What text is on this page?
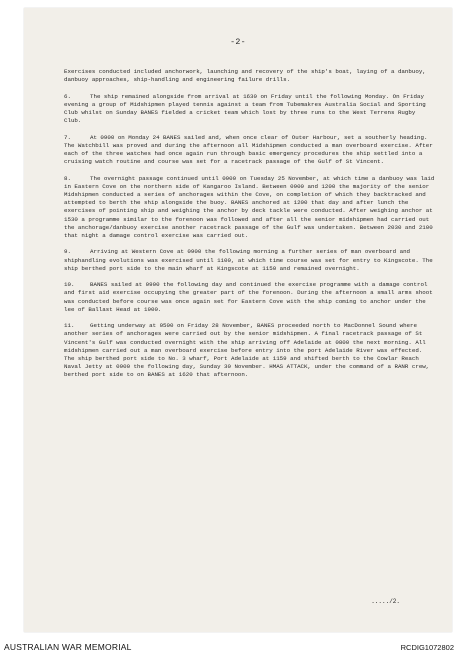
-2-

Exercises conducted included anchorwork, launching and recovery of the ship's boat, laying of a danbuoy, danbuoy approaches, ship-handling and engineering failure drills.

6.	The ship remained alongside from arrival at 1630 on Friday until the following Monday. On Friday evening a group of Midshipmen played tennis against a team from Tubemakres Australia Social and Sporting Club whilst on Sunday BANES fielded a cricket team which lost by three runs to the West Terrens Rugby Club.

7.	At 0900 on Monday 24 BANES sailed and, when once clear of Outer Harbour, set a southerly heading. The Watchbill was proved and during the afternoon all Midshipmen conducted a man overboard exercise. After each of the three watches had once again run through basic emergency procedures the ship settled into a cruising watch routine and course was set for a racetrack passage of the Gulf of St Vincent.

8.	The overnight passage continued until 0900 on Tuesday 25 November, at which time a danbuoy was laid in Eastern Cove on the northern side of Kangaroo Island. Between 0900 and 1200 the majority of the senior Midshipmen conducted a series of anchorages within the Cove, on completion of which they backtracked and attempted to berth the ship alongside the buoy. BANES anchored at 1200 that day and after lunch the exercises of pointing ship and weighing the anchor by deck tackle were conducted. After weighing anchor at 1530 a programme similar to the forenoon was followed and after all the senior midshipmen had carried out the anchorage/danbuoy exercise another racetrack passage of the Gulf was undertaken. Between 2030 and 2100 that night a damage control exercise was carried out.

9.	Arriving at Western Cove at 0900 the following morning a further series of man overboard and shiphandling evolutions was exercised until 1100, at which time course was set for entry to Kingscote. The ship berthed port side to the main wharf at Kingscote at 1150 and remained overnight.

10.	BANES sailed at 0900 the following day and continued the exercise programme with a damage control and first aid exercise occupying the greater part of the forenoon. During the afternoon a small arms shoot was conducted before course was once again set for Eastern Cove with the ship coming to anchor under the lee of Ballast Head at 1900.

11.	Getting underway at 0500 on Friday 28 November, BANES proceeded north to MacDonnel Sound where another series of anchorages were carried out by the senior midshipmen. A final racetrack passage of St Vincent's Gulf was conducted overnight with the ship arriving off Adelaide at 0800 the next morning. All midshipmen carried out a man overboard exercise before entry into the port Adelaide River was effected. The ship berthed port side to No. 3 wharf, Port Adelaide at 1159 and shifted berth to the Cowlar Reach Naval Jetty at 0900 the following day, Sunday 30 November. HMAS ATTACK, under the command of a RANR crew, berthed port side to on BANES at 1620 that afternoon.

...../2.
AUSTRALIAN WAR MEMORIAL	RCDIG1072802
